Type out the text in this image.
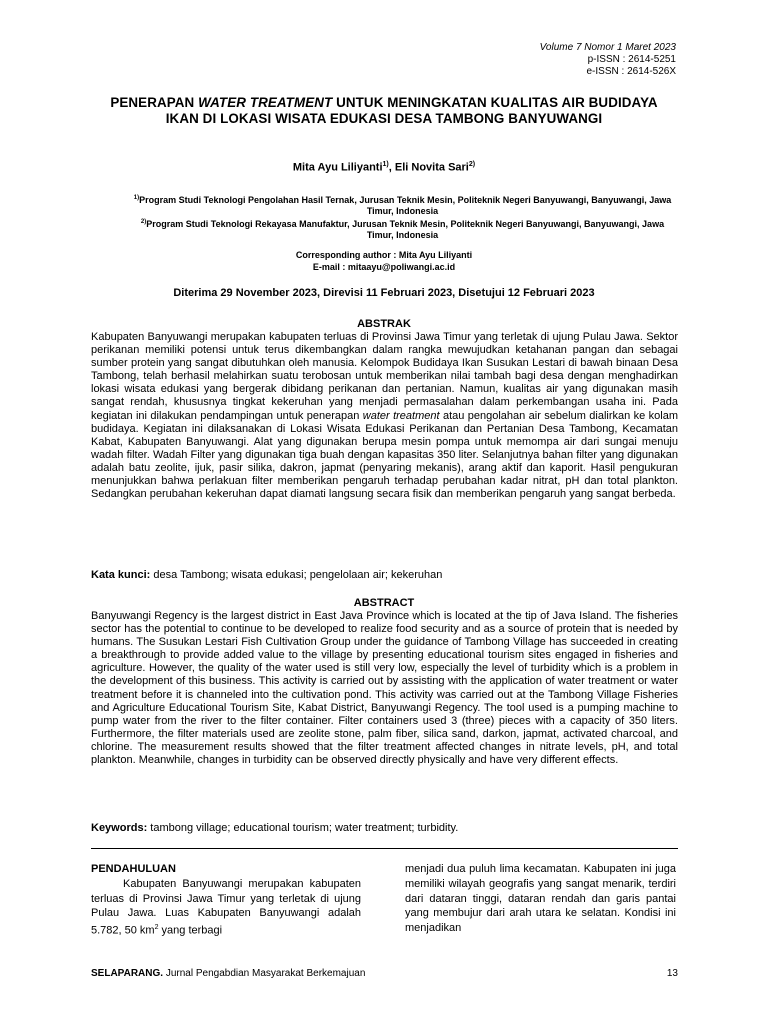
Volume 7 Nomor 1 Maret 2023
p-ISSN : 2614-5251
e-ISSN : 2614-526X
PENERAPAN WATER TREATMENT UNTUK MENINGKATAN KUALITAS AIR BUDIDAYA IKAN DI LOKASI WISATA EDUKASI DESA TAMBONG BANYUWANGI
Mita Ayu Liliyanti$^{1)}$, Eli Novita Sari$^{2)}$
$^{1)}$Program Studi Teknologi Pengolahan Hasil Ternak, Jurusan Teknik Mesin, Politeknik Negeri Banyuwangi, Banyuwangi, Jawa Timur, Indonesia
$^{2)}$Program Studi Teknologi Rekayasa Manufaktur, Jurusan Teknik Mesin, Politeknik Negeri Banyuwangi, Banyuwangi, Jawa Timur, Indonesia
Corresponding author : Mita Ayu Liliyanti
E-mail : mitaayu@poliwangi.ac.id
Diterima 29 November 2023, Direvisi 11 Februari 2023, Disetujui 12 Februari 2023
ABSTRAK
Kabupaten Banyuwangi merupakan kabupaten terluas di Provinsi Jawa Timur yang terletak di ujung Pulau Jawa. Sektor perikanan memiliki potensi untuk terus dikembangkan dalam rangka mewujudkan ketahanan pangan dan sebagai sumber protein yang sangat dibutuhkan oleh manusia. Kelompok Budidaya Ikan Susukan Lestari di bawah binaan Desa Tambong, telah berhasil melahirkan suatu terobosan untuk memberikan nilai tambah bagi desa dengan menghadirkan lokasi wisata edukasi yang bergerak dibidang perikanan dan pertanian. Namun, kualitas air yang digunakan masih sangat rendah, khususnya tingkat kekeruhan yang menjadi permasalahan dalam perkembangan usaha ini. Pada kegiatan ini dilakukan pendampingan untuk penerapan water treatment atau pengolahan air sebelum dialirkan ke kolam budidaya. Kegiatan ini dilaksanakan di Lokasi Wisata Edukasi Perikanan dan Pertanian Desa Tambong, Kecamatan Kabat, Kabupaten Banyuwangi. Alat yang digunakan berupa mesin pompa untuk memompa air dari sungai menuju wadah filter. Wadah Filter yang digunakan tiga buah dengan kapasitas 350 liter. Selanjutnya bahan filter yang digunakan adalah batu zeolite, ijuk, pasir silika, dakron, japmat (penyaring mekanis), arang aktif dan kaporit. Hasil pengukuran menunjukkan bahwa perlakuan filter memberikan pengaruh terhadap perubahan kadar nitrat, pH dan total plankton. Sedangkan perubahan kekeruhan dapat diamati langsung secara fisik dan memberikan pengaruh yang sangat berbeda.
Kata kunci: desa Tambong; wisata edukasi; pengelolaan air; kekeruhan
ABSTRACT
Banyuwangi Regency is the largest district in East Java Province which is located at the tip of Java Island. The fisheries sector has the potential to continue to be developed to realize food security and as a source of protein that is needed by humans. The Susukan Lestari Fish Cultivation Group under the guidance of Tambong Village has succeeded in creating a breakthrough to provide added value to the village by presenting educational tourism sites engaged in fisheries and agriculture. However, the quality of the water used is still very low, especially the level of turbidity which is a problem in the development of this business. This activity is carried out by assisting with the application of water treatment or water treatment before it is channeled into the cultivation pond. This activity was carried out at the Tambong Village Fisheries and Agriculture Educational Tourism Site, Kabat District, Banyuwangi Regency. The tool used is a pumping machine to pump water from the river to the filter container. Filter containers used 3 (three) pieces with a capacity of 350 liters. Furthermore, the filter materials used are zeolite stone, palm fiber, silica sand, darkon, japmat, activated charcoal, and chlorine. The measurement results showed that the filter treatment affected changes in nitrate levels, pH, and total plankton. Meanwhile, changes in turbidity can be observed directly physically and have very different effects.
Keywords: tambong village; educational tourism; water treatment; turbidity.
PENDAHULUAN
Kabupaten Banyuwangi merupakan kabupaten terluas di Provinsi Jawa Timur yang terletak di ujung Pulau Jawa. Luas Kabupaten Banyuwangi adalah 5.782, 50 $km^2$ yang terbagi
menjadi dua puluh lima kecamatan. Kabupaten ini juga memiliki wilayah geografis yang sangat menarik, terdiri dari dataran tinggi, dataran rendah dan garis pantai yang membujur dari arah utara ke selatan. Kondisi ini menjadikan
SELAPARANG. Jurnal Pengabdian Masyarakat Berkemajuan	13
